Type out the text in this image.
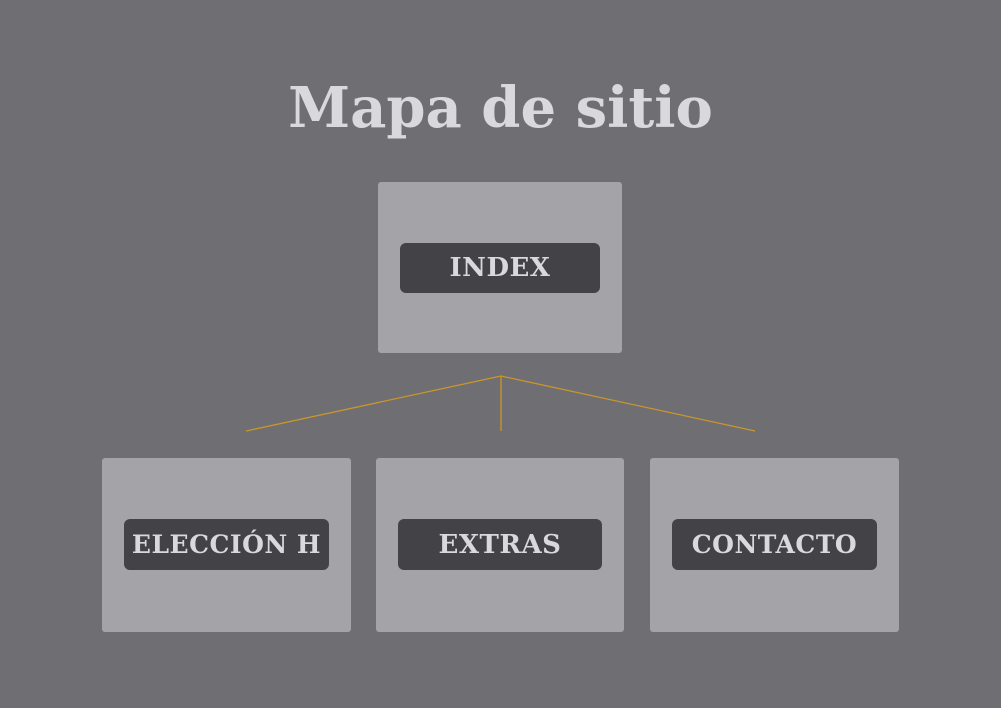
Mapa de sitio
INDEX
ELECCIÓN H	EXTRAS	CONTACTO
